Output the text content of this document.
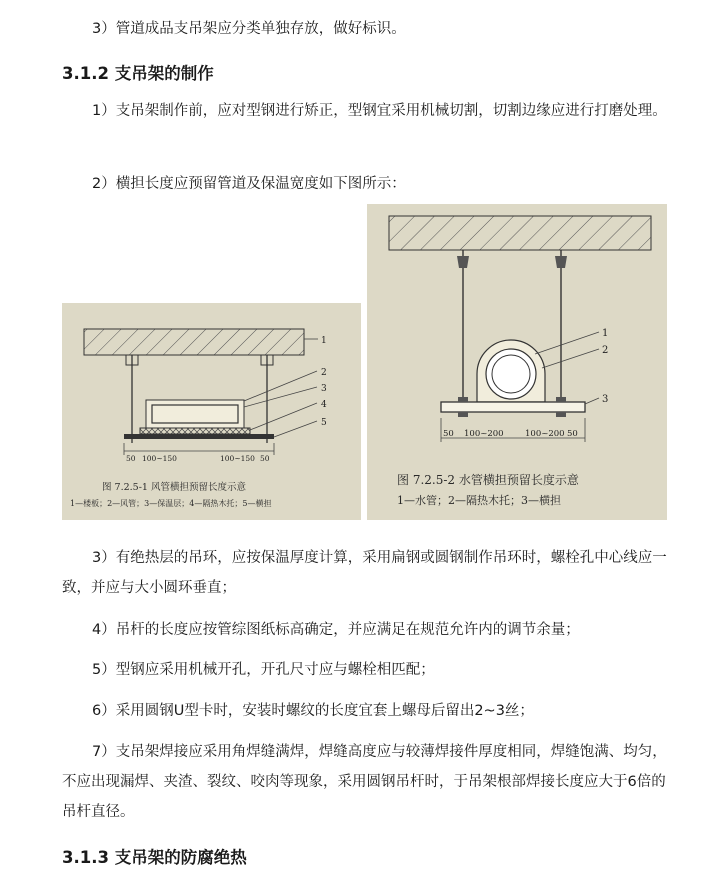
3）管道成品支吊架应分类单独存放，做好标识。

3.1.2 支吊架的制作

1）支吊架制作前，应对型钢进行矫正，型钢宜采用机械切割，切割边缘应进行打磨处理。

2）横担长度应预留管道及保温宽度如下图所示：

1
2
3
4
5
50 100~150	100~150 50

图 7.2.5-1 风管横担预留长度示意

1—楼板；2—风管；3—保温层；4—隔热木托；5—横担

1
2
3
50 100~200	100~200 50

图 7.2.5-2 水管横担预留长度示意

1—水管；2—隔热木托；3—横担

3）有绝热层的吊环，应按保温厚度计算，采用扁钢或圆钢制作吊环时，螺栓孔中心线应一致，并应与大小圆环垂直；

4）吊杆的长度应按管综图纸标高确定，并应满足在规范允许内的调节余量；

5）型钢应采用机械开孔，开孔尺寸应与螺栓相匹配；

6）采用圆钢U型卡时，安装时螺纹的长度宜套上螺母后留出2~3丝；

7）支吊架焊接应采用角焊缝满焊，焊缝高度应与较薄焊接件厚度相同，焊缝饱满、均匀，不应出现漏焊、夹渣、裂纹、咬肉等现象，采用圆钢吊杆时，于吊架根部焊接长度应大于6倍的吊杆直径。

3.1.3 支吊架的防腐绝热
